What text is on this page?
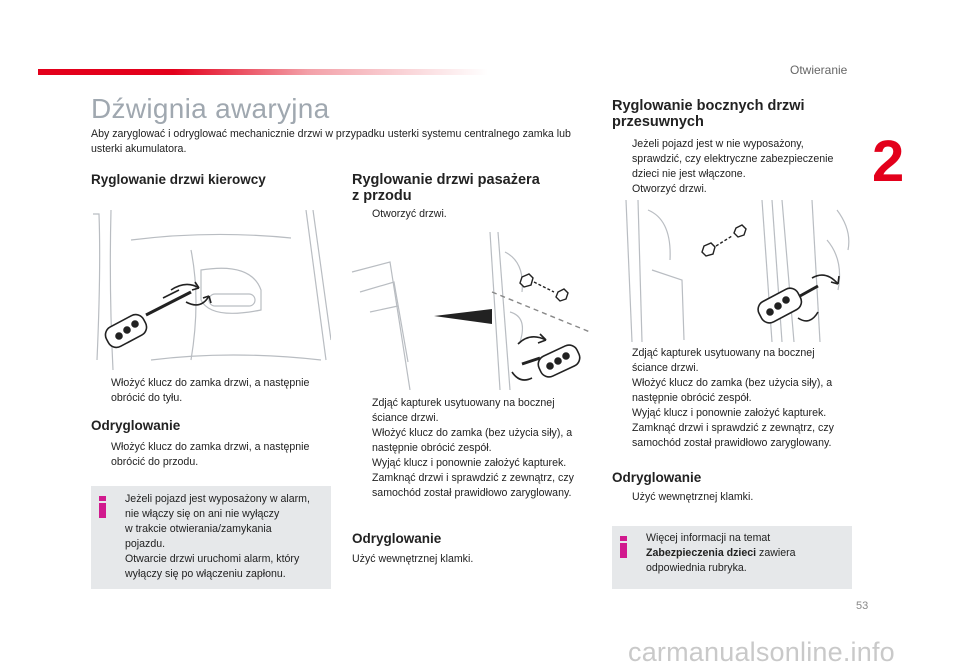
Otwieranie
2
Dźwignia awaryjna
Aby zaryglować i odryglować mechanicznie drzwi w przypadku usterki systemu centralnego zamka lub usterki akumulatora.
Ryglowanie drzwi kierowcy
Włożyć klucz do zamka drzwi, a następnie obrócić do tyłu.
Odryglowanie
Włożyć klucz do zamka drzwi, a następnie obrócić do przodu.
Jeżeli pojazd jest wyposażony w alarm,
nie włączy się on ani nie wyłączy
w trakcie otwierania/zamykania
pojazdu.
Otwarcie drzwi uruchomi alarm, który
wyłączy się po włączeniu zapłonu.
Ryglowanie drzwi pasażera
z przodu
Otworzyć drzwi.
Zdjąć kapturek usytuowany na bocznej ściance drzwi.
Włożyć klucz do zamka (bez użycia siły), a następnie obrócić zespół.
Wyjąć klucz i ponownie założyć kapturek.
Zamknąć drzwi i sprawdzić z zewnątrz, czy samochód został prawidłowo zaryglowany.
Odryglowanie
Użyć wewnętrznej klamki.
Ryglowanie bocznych drzwi
przesuwnych
Jeżeli pojazd jest w nie wyposażony, sprawdzić, czy elektryczne zabezpieczenie dzieci nie jest włączone.
Otworzyć drzwi.
Zdjąć kapturek usytuowany na bocznej ściance drzwi.
Włożyć klucz do zamka (bez użycia siły), a następnie obrócić zespół.
Wyjąć klucz i ponownie założyć kapturek.
Zamknąć drzwi i sprawdzić z zewnątrz, czy samochód został prawidłowo zaryglowany.
Odryglowanie
Użyć wewnętrznej klamki.
Więcej informacji na temat
Zabezpieczenia dzieci zawiera
odpowiednia rubryka.
53
carmanualsonline.info
